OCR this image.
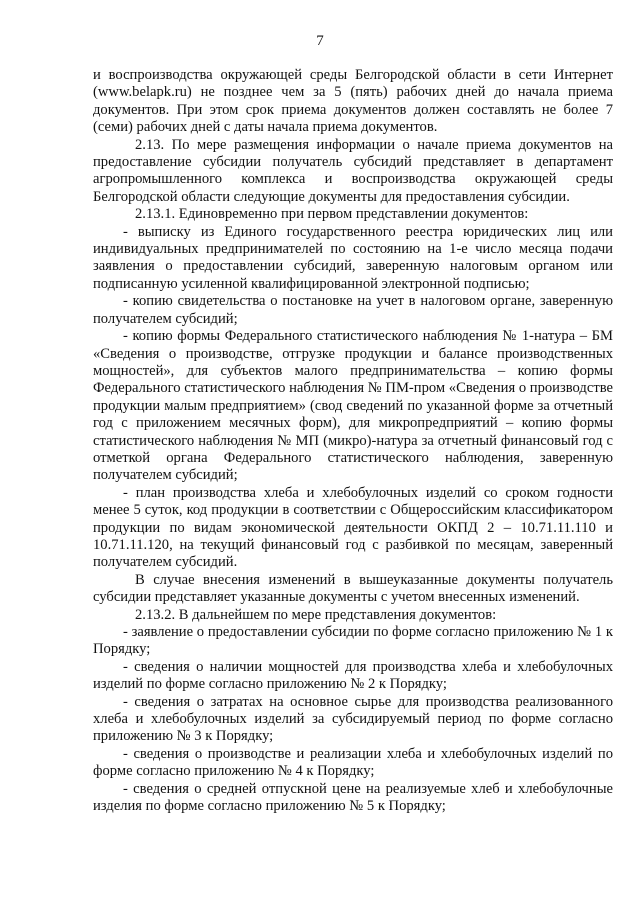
7

и воспроизводства окружающей среды Белгородской области в сети Интернет (www.belapk.ru) не позднее чем за 5 (пять) рабочих дней до начала приема документов. При этом срок приема документов должен составлять не более 7 (семи) рабочих дней с даты начала приема документов.

2.13. По мере размещения информации о начале приема документов на предоставление субсидии получатель субсидий представляет в департамент агропромышленного комплекса и воспроизводства окружающей среды Белгородской области следующие документы для предоставления субсидии.

2.13.1. Единовременно при первом представлении документов:

- выписку из Единого государственного реестра юридических лиц или индивидуальных предпринимателей по состоянию на 1-е число месяца подачи заявления о предоставлении субсидий, заверенную налоговым органом или подписанную усиленной квалифицированной электронной подписью;

- копию свидетельства о постановке на учет в налоговом органе, заверенную получателем субсидий;

- копию формы Федерального статистического наблюдения № 1-натура – БМ «Сведения о производстве, отгрузке продукции и балансе производственных мощностей», для субъектов малого предпринимательства – копию формы Федерального статистического наблюдения № ПМ-пром «Сведения о производстве продукции малым предприятием» (свод сведений по указанной форме за отчетный год с приложением месячных форм), для микропредприятий – копию формы статистического наблюдения № МП (микро)-натура за отчетный финансовый год с отметкой органа Федерального статистического наблюдения, заверенную получателем субсидий;

- план производства хлеба и хлебобулочных изделий со сроком годности менее 5 суток, код продукции в соответствии с Общероссийским классификатором продукции по видам экономической деятельности ОКПД 2 – 10.71.11.110 и 10.71.11.120, на текущий финансовый год с разбивкой по месяцам, заверенный получателем субсидий.

В случае внесения изменений в вышеуказанные документы получатель субсидии представляет указанные документы с учетом внесенных изменений.

2.13.2. В дальнейшем по мере представления документов:

- заявление о предоставлении субсидии по форме согласно приложению № 1 к Порядку;

- сведения о наличии мощностей для производства хлеба и хлебобулочных изделий по форме согласно приложению № 2 к Порядку;

- сведения о затратах на основное сырье для производства реализованного хлеба и хлебобулочных изделий за субсидируемый период по форме согласно приложению № 3 к Порядку;

- сведения о производстве и реализации хлеба и хлебобулочных изделий по форме согласно приложению № 4 к Порядку;

- сведения о средней отпускной цене на реализуемые хлеб и хлебобулочные изделия по форме согласно приложению № 5 к Порядку;
